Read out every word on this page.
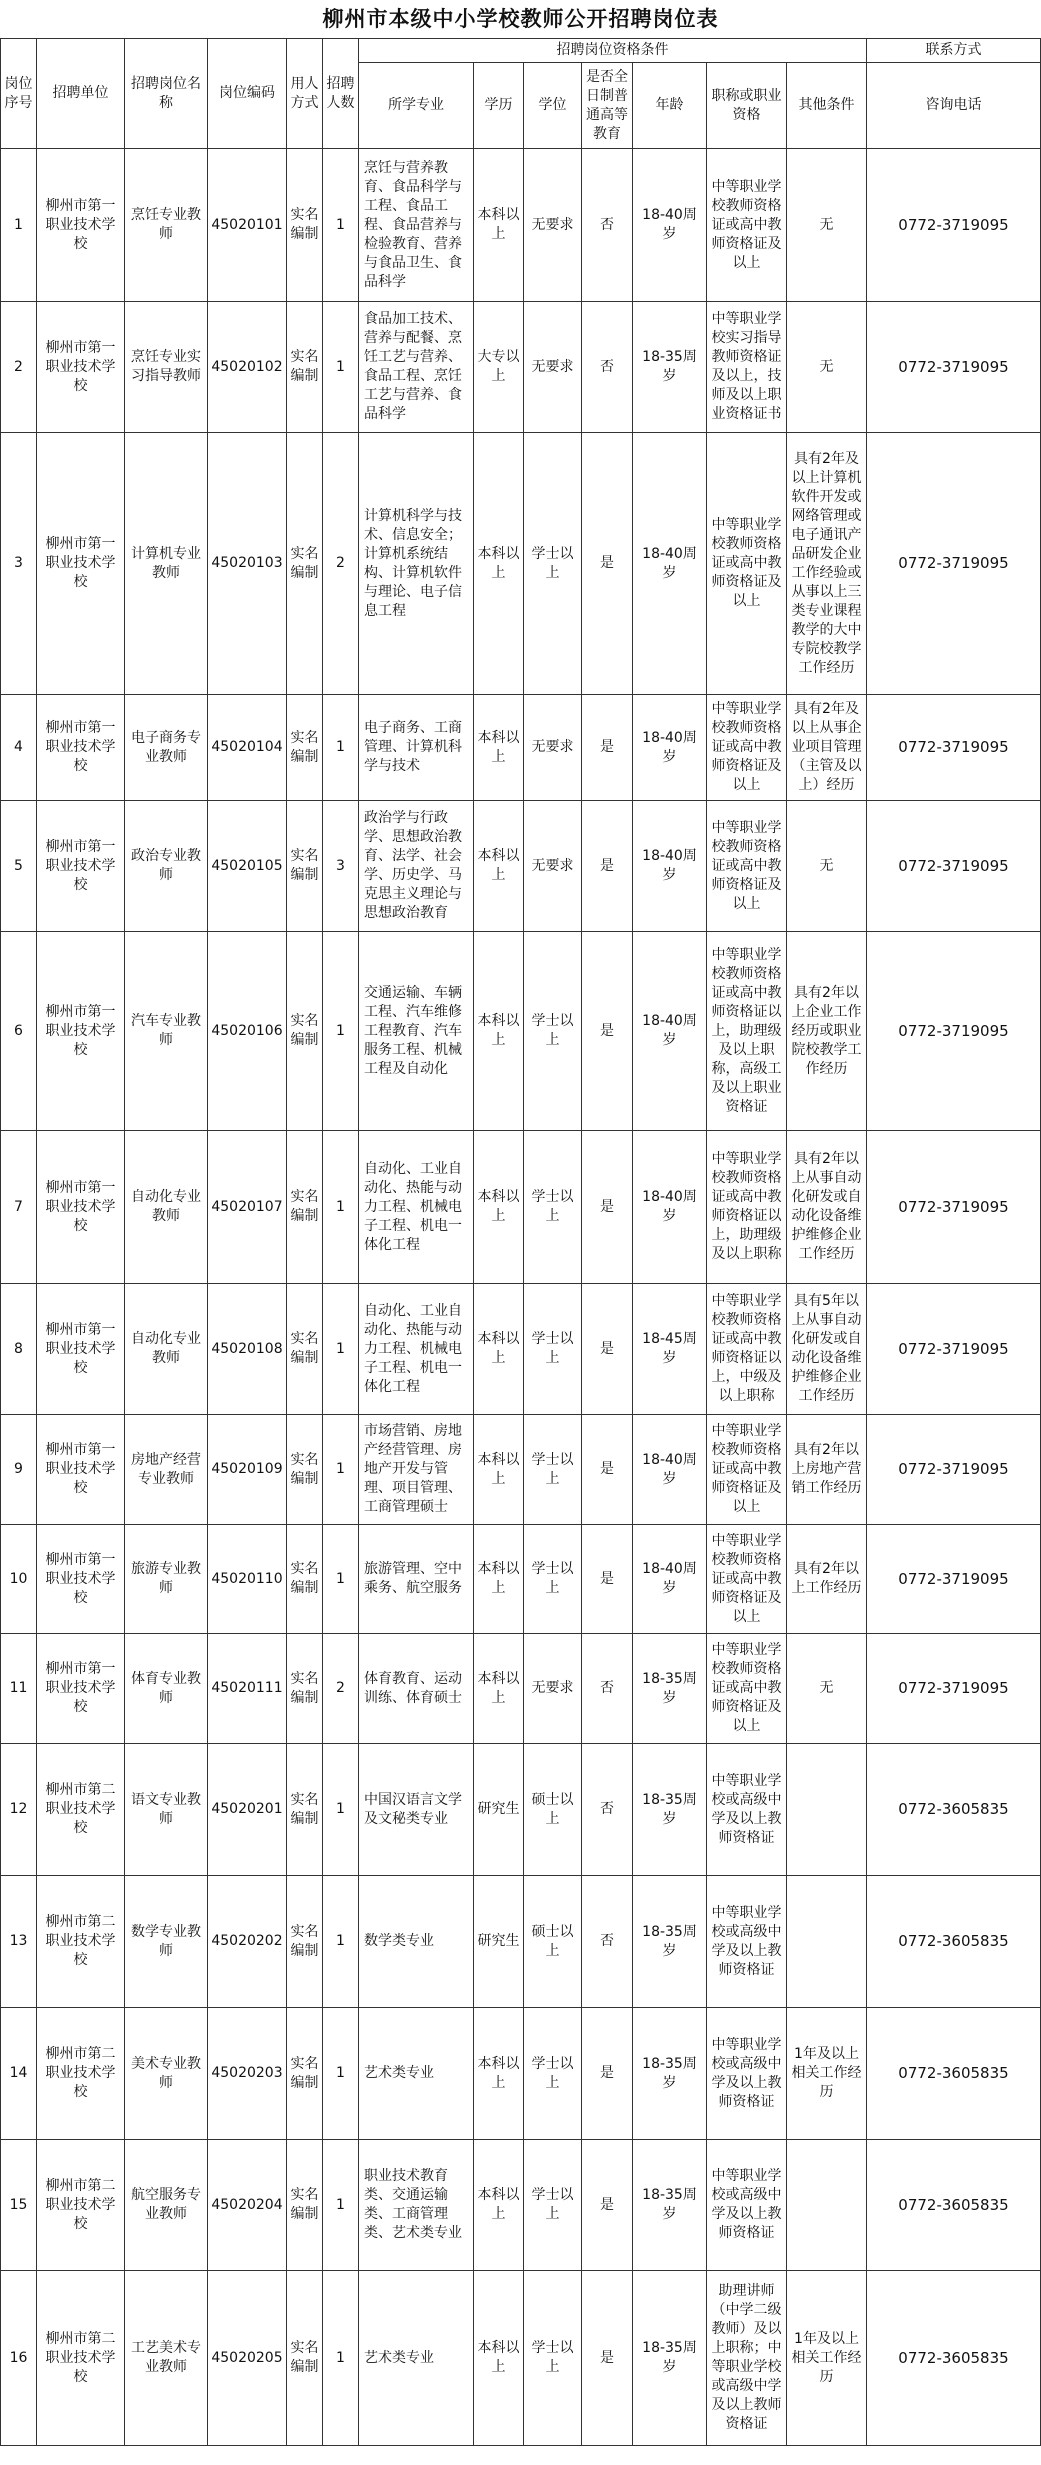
柳州市本级中小学校教师公开招聘岗位表
岗位序号	招聘单位	招聘岗位名称	岗位编码	用人方式	招聘人数	招聘岗位资格条件							联系方式
						所学专业	学历	学位	是否全日制普通高等教育	年龄	职称或职业资格	其他条件	咨询电话
1	柳州市第一职业技术学校	烹饪专业教师	45020101	实名编制	1	烹饪与营养教育、食品科学与工程、食品工程、食品营养与检验教育、营养与食品卫生、食品科学	本科以上	无要求	否	18-40周岁	中等职业学校教师资格证或高中教师资格证及以上	无	0772-3719095
2	柳州市第一职业技术学校	烹饪专业实习指导教师	45020102	实名编制	1	食品加工技术、营养与配餐、烹饪工艺与营养、食品工程、烹饪工艺与营养、食品科学	大专以上	无要求	否	18-35周岁	中等职业学校实习指导教师资格证及以上，技师及以上职业资格证书	无	0772-3719095
3	柳州市第一职业技术学校	计算机专业教师	45020103	实名编制	2	计算机科学与技术、信息安全；计算机系统结构、计算机软件与理论、电子信息工程	本科以上	学士以上	是	18-40周岁	中等职业学校教师资格证或高中教师资格证及以上	具有2年及以上计算机软件开发或网络管理或电子通讯产品研发企业工作经验或从事以上三类专业课程教学的大中专院校教学工作经历	0772-3719095
4	柳州市第一职业技术学校	电子商务专业教师	45020104	实名编制	1	电子商务、工商管理、计算机科学与技术	本科以上	无要求	是	18-40周岁	中等职业学校教师资格证或高中教师资格证及以上	具有2年及以上从事企业项目管理（主管及以上）经历	0772-3719095
5	柳州市第一职业技术学校	政治专业教师	45020105	实名编制	3	政治学与行政学、思想政治教育、法学、社会学、历史学、马克思主义理论与思想政治教育	本科以上	无要求	是	18-40周岁	中等职业学校教师资格证或高中教师资格证及以上	无	0772-3719095
6	柳州市第一职业技术学校	汽车专业教师	45020106	实名编制	1	交通运输、车辆工程、汽车维修工程教育、汽车服务工程、机械工程及自动化	本科以上	学士以上	是	18-40周岁	中等职业学校教师资格证或高中教师资格证以上，助理级及以上职称，高级工及以上职业资格证	具有2年以上企业工作经历或职业院校教学工作经历	0772-3719095
7	柳州市第一职业技术学校	自动化专业教师	45020107	实名编制	1	自动化、工业自动化、热能与动力工程、机械电子工程、机电一体化工程	本科以上	学士以上	是	18-40周岁	中等职业学校教师资格证或高中教师资格证以上，助理级及以上职称	具有2年以上从事自动化研发或自动化设备维护维修企业工作经历	0772-3719095
8	柳州市第一职业技术学校	自动化专业教师	45020108	实名编制	1	自动化、工业自动化、热能与动力工程、机械电子工程、机电一体化工程	本科以上	学士以上	是	18-45周岁	中等职业学校教师资格证或高中教师资格证以上，中级及以上职称	具有5年以上从事自动化研发或自动化设备维护维修企业工作经历	0772-3719095
9	柳州市第一职业技术学校	房地产经营专业教师	45020109	实名编制	1	市场营销、房地产经营管理、房地产开发与管理、项目管理、工商管理硕士	本科以上	学士以上	是	18-40周岁	中等职业学校教师资格证或高中教师资格证及以上	具有2年以上房地产营销工作经历	0772-3719095
10	柳州市第一职业技术学校	旅游专业教师	45020110	实名编制	1	旅游管理、空中乘务、航空服务	本科以上	学士以上	是	18-40周岁	中等职业学校教师资格证或高中教师资格证及以上	具有2年以上工作经历	0772-3719095
11	柳州市第一职业技术学校	体育专业教师	45020111	实名编制	2	体育教育、运动训练、体育硕士	本科以上	无要求	否	18-35周岁	中等职业学校教师资格证或高中教师资格证及以上	无	0772-3719095
12	柳州市第二职业技术学校	语文专业教师	45020201	实名编制	1	中国汉语言文学及文秘类专业	研究生	硕士以上	否	18-35周岁	中等职业学校或高级中学及以上教师资格证		0772-3605835
13	柳州市第二职业技术学校	数学专业教师	45020202	实名编制	1	数学类专业	研究生	硕士以上	否	18-35周岁	中等职业学校或高级中学及以上教师资格证		0772-3605835
14	柳州市第二职业技术学校	美术专业教师	45020203	实名编制	1	艺术类专业	本科以上	学士以上	是	18-35周岁	中等职业学校或高级中学及以上教师资格证	1年及以上相关工作经历	0772-3605835
15	柳州市第二职业技术学校	航空服务专业教师	45020204	实名编制	1	职业技术教育类、交通运输类、工商管理类、艺术类专业	本科以上	学士以上	是	18-35周岁	中等职业学校或高级中学及以上教师资格证		0772-3605835
16	柳州市第二职业技术学校	工艺美术专业教师	45020205	实名编制	1	艺术类专业	本科以上	学士以上	是	18-35周岁	助理讲师（中学二级教师）及以上职称；中等职业学校或高级中学及以上教师资格证	1年及以上相关工作经历	0772-3605835
